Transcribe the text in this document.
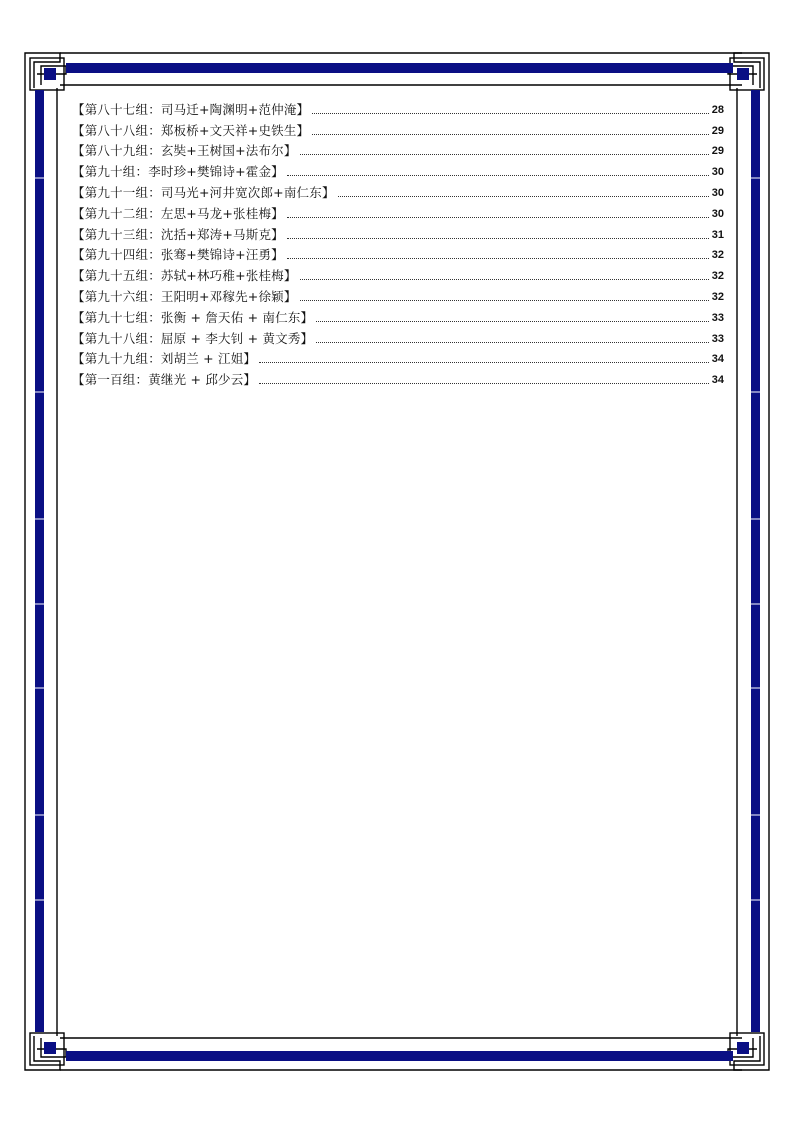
【第八十七组：司马迁+陶渊明+范仲淹】	28
【第八十八组：郑板桥+文天祥+史铁生】	29
【第八十九组：玄奘+王树国+法布尔】	29
【第九十组：李时珍+樊锦诗+霍金】	30
【第九十一组：司马光+河井宽次郎+南仁东】	30
【第九十二组：左思+马龙+张桂梅】	30
【第九十三组：沈括+郑涛+马斯克】	31
【第九十四组：张骞+樊锦诗+汪勇】	32
【第九十五组：苏轼+林巧稚+张桂梅】	32
【第九十六组：王阳明+邓稼先+徐颖】	32
【第九十七组：张衡 + 詹天佑 + 南仁东】	33
【第九十八组：屈原 + 李大钊 + 黄文秀】	33
【第九十九组：刘胡兰 + 江姐】	34
【第一百组：黄继光 + 邱少云】	34
